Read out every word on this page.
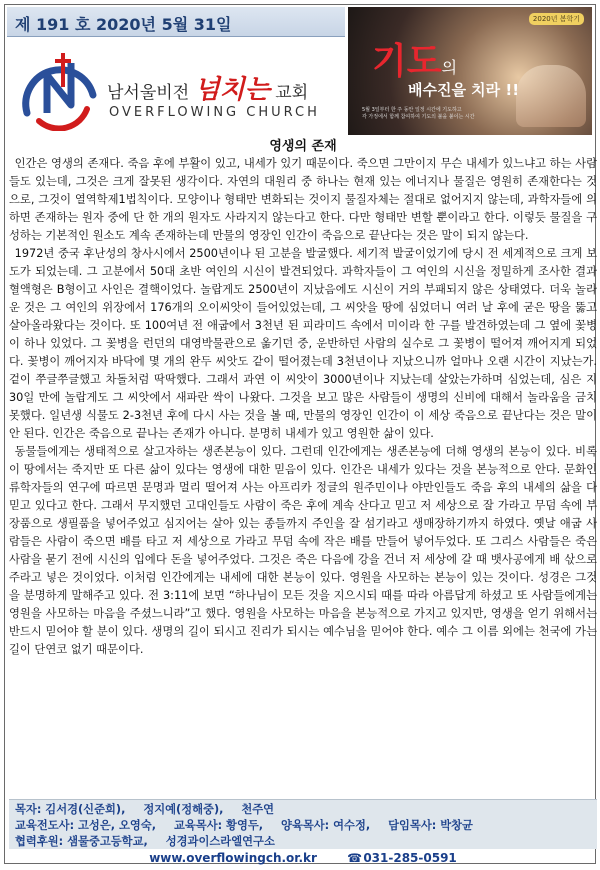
제 191 호 2020년 5월 31일
남서울비전 넘치는 교회
OVERFLOWING CHURCH
2020년 봄학기
기도의
배수진을 치라 !!
5월 3일부터 한 주 동안 일정 시간에 기도하고
각 가정에서 함께 참여하여 기도의 불을 붙이는 시간
영생의 존재

인간은 영생의 존재다. 죽음 후에 부활이 있고, 내세가 있기 때문이다. 죽으면 그만이지 무슨 내세가 있느냐고 하는 사람들도 있는데, 그것은 크게 잘못된 생각이다. 자연의 대원리 중 하나는 현재 있는 에너지나 물질은 영원히 존재한다는 것으로, 그것이 열역학제1법칙이다. 모양이나 형태만 변화되는 것이지 물질자체는 절대로 없어지지 않는데, 과학자들에 의하면 존재하는 원자 중에 단 한 개의 원자도 사라지지 않는다고 한다. 다만 형태만 변할 뿐이라고 한다. 이렇듯 물질을 구성하는 기본적인 원소도 계속 존재하는데 만물의 영장인 인간이 죽음으로 끝난다는 것은 말이 되지 않는다.

1972년 중국 후난성의 창사시에서 2500년이나 된 고분을 발굴했다. 세기적 발굴이었기에 당시 전 세계적으로 크게 보도가 되었는데. 그 고분에서 50대 초반 여인의 시신이 발견되었다. 과학자들이 그 여인의 시신을 정밀하게 조사한 결과 혈액형은 B형이고 사인은 결핵이었다. 놀랍게도 2500년이 지났음에도 시신이 거의 부패되지 않은 상태였다. 더욱 놀라운 것은 그 여인의 위장에서 176개의 오이씨앗이 들어있었는데, 그 씨앗을 땅에 심었더니 여러 날 후에 굳은 땅을 뚫고 살아올라왔다는 것이다. 또 100여년 전 애굽에서 3천년 된 피라미드 속에서 미이라 한 구를 발견하였는데 그 옆에 꽃병이 하나 있었다. 그 꽃병을 런던의 대영박물관으로 옮기던 중, 운반하던 사람의 실수로 그 꽃병이 떨어져 깨어지게 되었다. 꽃병이 깨어지자 바닥에 몇 개의 완두 씨앗도 같이 떨어졌는데 3천년이나 지났으니까 얼마나 오랜 시간이 지났는가. 겉이 쭈글쭈글했고 차돌처럼 딱딱했다. 그래서 과연 이 씨앗이 3000년이나 지났는데 살았는가하며 심었는데, 심은 지 30일 만에 놀랍게도 그 씨앗에서 새파란 싹이 나왔다. 그것을 보고 많은 사람들이 생명의 신비에 대해서 놀라움을 금치 못했다. 일년생 식물도 2-3천년 후에 다시 사는 것을 볼 때, 만물의 영장인 인간이 이 세상 죽음으로 끝난다는 것은 말이 안 된다. 인간은 죽음으로 끝나는 존재가 아니다. 분명히 내세가 있고 영원한 삶이 있다.

동물들에게는 생태적으로 살고자하는 생존본능이 있다. 그런데 인간에게는 생존본능에 더해 영생의 본능이 있다. 비록 이 땅에서는 죽지만 또 다른 삶이 있다는 영생에 대한 믿음이 있다. 인간은 내세가 있다는 것을 본능적으로 안다. 문화인류학자들의 연구에 따르면 문명과 멀리 떨어져 사는 아프리카 정글의 원주민이나 야만인들도 죽음 후의 내세의 삶을 다 믿고 있다고 한다. 그래서 무지했던 고대인들도 사람이 죽은 후에 계속 산다고 믿고 저 세상으로 잘 가라고 무덤 속에 부장품으로 생필품을 넣어주었고 심지어는 살아 있는 종들까지 주인을 잘 섬기라고 생매장하기까지 하였다. 옛날 애굽 사람들은 사람이 죽으면 배를 타고 저 세상으로 가라고 무덤 속에 작은 배를 만들어 넣어두었다. 또 그리스 사람들은 죽은 사람을 묻기 전에 시신의 입에다 돈을 넣어주었다. 그것은 죽은 다음에 강을 건너 저 세상에 갈 때 뱃사공에게 배 삯으로 주라고 넣은 것이었다. 이처럼 인간에게는 내세에 대한 본능이 있다. 영원을 사모하는 본능이 있는 것이다. 성경은 그것을 분명하게 말해주고 있다. 전 3:11에 보면 “하나님이 모든 것을 지으시되 때를 따라 아름답게 하셨고 또 사람들에게는 영원을 사모하는 마음을 주셨느니라”고 했다. 영원을 사모하는 마음을 본능적으로 가지고 있지만, 영생을 얻기 위해서는 반드시 믿어야 할 분이 있다. 생명의 길이 되시고 진리가 되시는 예수님을 믿어야 한다. 예수 그 이름 외에는 천국에 가는 길이 단연코 없기 때문이다.

목자: 김서경(신준희), 정지예(정해중), 천주연
교육전도사: 고성은, 오영숙, 교육목사: 황영두, 양육목사: 여수정, 담임목사: 박창균
협력후원: 샘물중고등학교, 성경과이스라엘연구소
www.overflowingch.or.kr	☎ 031-285-0591
